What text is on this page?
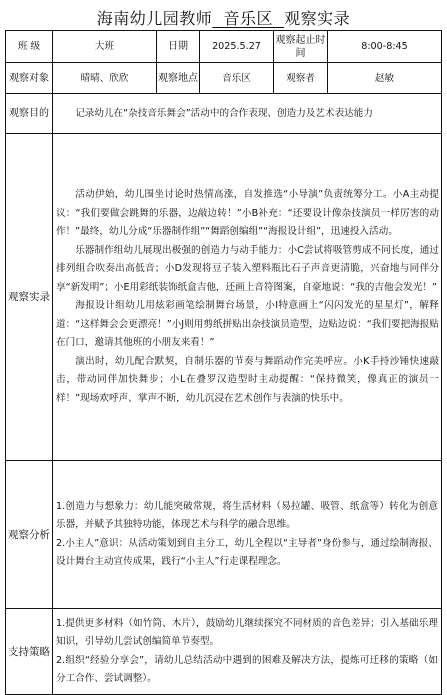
海南幼儿园教师 音乐区 观察实录
班 级	大班	日期	2025.5.27	观察起止时间	8:00-8:45
观察对象	晴晴、欣欣	观察地点	音乐区	观察者	赵敏
观察目的	记录幼儿在“杂技音乐舞会”活动中的合作表现、创造力及艺术表达能力				

观察实录	活动伊始，幼儿围坐讨论时热情高涨，自发推选“小导演”负责统筹分工。小A主动提议：“我们要做会跳舞的乐器，边敲边转！”小B补充：“还要设计像杂技演员一样厉害的动作！”最终，幼儿分成“乐器制作组”“舞蹈创编组”“海报设计组”，迅速投入活动。

乐器制作组幼儿展现出极强的创造力与动手能力：小C尝试将吸管剪成不同长度，通过排列组合吹奏出高低音；小D发现将豆子装入塑料瓶比石子声音更清脆，兴奋地与同伴分享“新发明”；小E用彩纸装饰纸盒吉他，还画上音符图案，自豪地说：“我的吉他会发光！”

海报设计组幼儿用炫彩画笔绘制舞台场景，小I特意画上“闪闪发光的星星灯”，解释道：“这样舞会会更漂亮！”小J则用剪纸拼贴出杂技演员造型，边贴边说：“我们要把海报贴在门口，邀请其他班的小朋友来看！”

演出时，幼儿配合默契，自制乐器的节奏与舞蹈动作完美呼应。小K手持沙锤快速敲击，带动同伴加快舞步；小L在叠罗汉造型时主动提醒：“保持微笑，像真正的演员一样！”现场欢呼声、掌声不断，幼儿沉浸在艺术创作与表演的快乐中。				

观察分析	1.创造力与想象力：幼儿能突破常规，将生活材料（易拉罐、吸管、纸盒等）转化为创意乐器，并赋予其独特功能，体现艺术与科学的融合思维。

2.小主人”意识：从活动策划到自主分工，幼儿全程以“主导者”身份参与，通过绘制海报、设计舞台主动宣传成果，践行“小主人”行走课程理念。				

支持策略	1.提供更多材料（如竹筒、木片），鼓励幼儿继续探究不同材质的音色差异；引入基础乐理知识，引导幼儿尝试创编简单节奏型。

2.组织“经验分享会”，请幼儿总结活动中遇到的困难及解决方法，提炼可迁移的策略（如分工合作、尝试调整）。				
